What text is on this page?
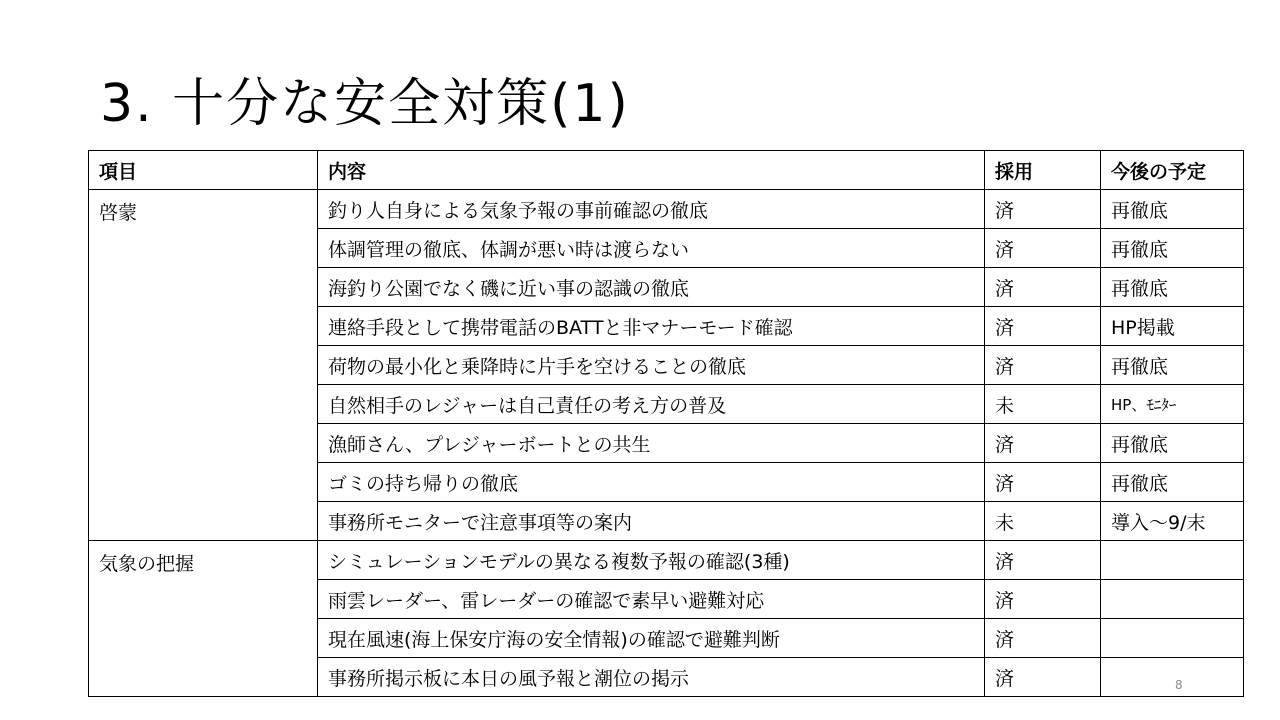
3. 十分な安全対策(1)
項目	内容	採用	今後の予定
啓蒙	釣り人自身による気象予報の事前確認の徹底	済	再徹底
	体調管理の徹底、体調が悪い時は渡らない	済	再徹底
	海釣り公園でなく磯に近い事の認識の徹底	済	再徹底
	連絡手段として携帯電話のBATTと非マナーモード確認	済	HP掲載
	荷物の最小化と乗降時に片手を空けることの徹底	済	再徹底
	自然相手のレジャーは自己責任の考え方の普及	未	HP、ﾓﾆﾀｰ
	漁師さん、プレジャーボートとの共生	済	再徹底
	ゴミの持ち帰りの徹底	済	再徹底
	事務所モニターで注意事項等の案内	未	導入～9/末
気象の把握	シミュレーションモデルの異なる複数予報の確認(3種)	済	
	雨雲レーダー、雷レーダーの確認で素早い避難対応	済	
	現在風速(海上保安庁海の安全情報)の確認で避難判断	済	
	事務所掲示板に本日の風予報と潮位の掲示	済		8
